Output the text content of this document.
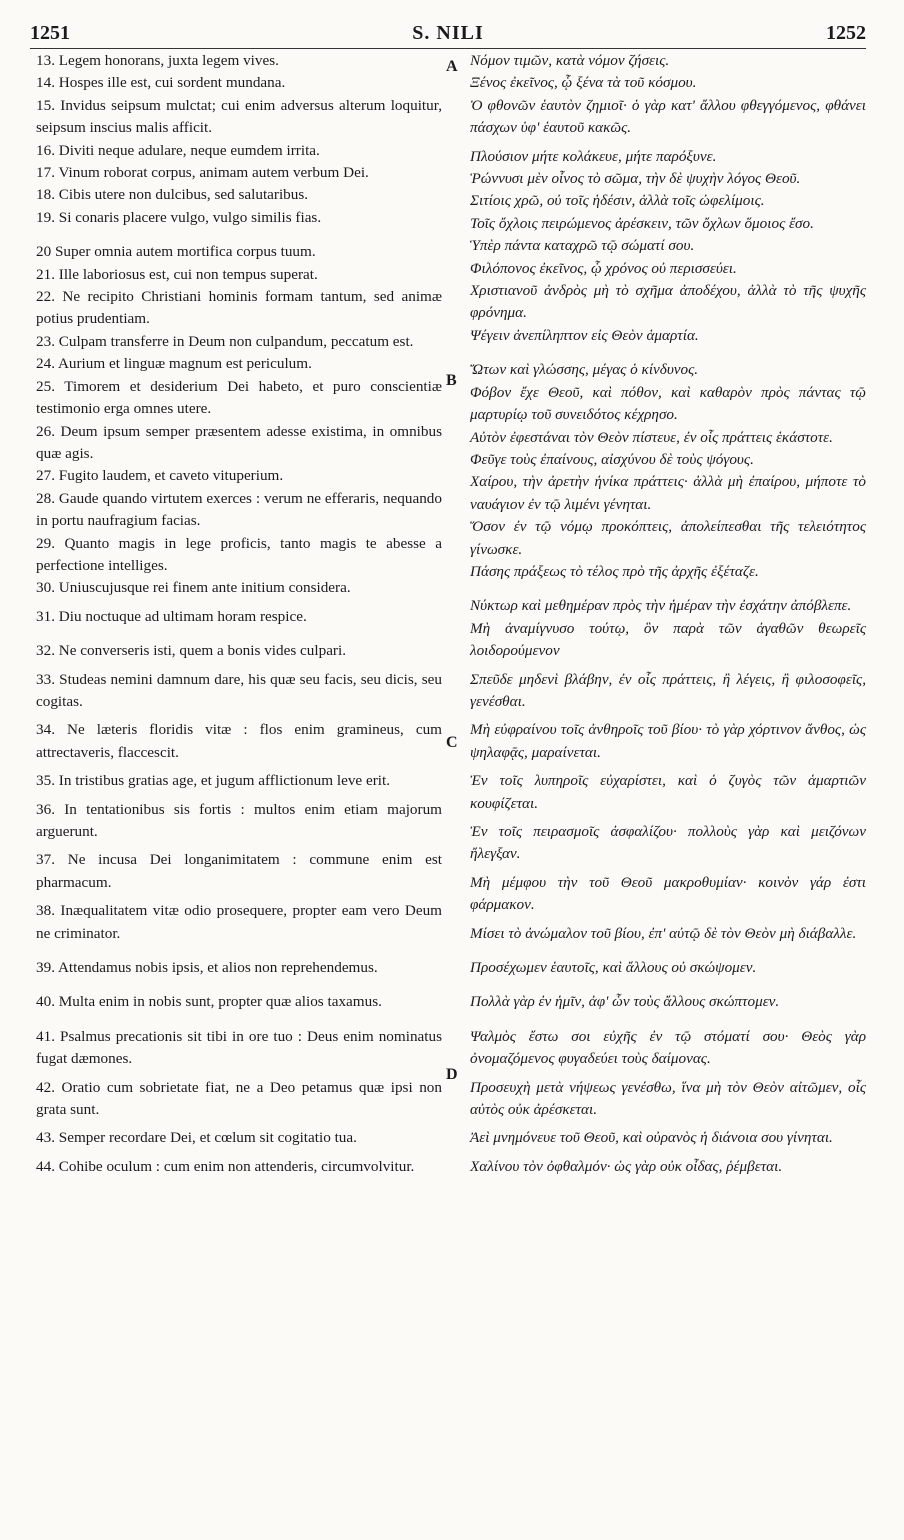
1251	S. NILI	1252
A
B
C
D
13. Legem honorans, juxta legem vives.
14. Hospes ille est, cui sordent mundana.
15. Invidus seipsum mulctat; cui enim adversus alterum loquitur, seipsum inscius malis afficit.
16. Diviti neque adulare, neque eumdem irrita.
17. Vinum roborat corpus, animam autem verbum Dei.
18. Cibis utere non dulcibus, sed salutaribus.
19. Si conaris placere vulgo, vulgo similis fias.
20 Super omnia autem mortifica corpus tuum.
21. Ille laboriosus est, cui non tempus superat.
22. Ne recipito Christiani hominis formam tantum, sed animæ potius prudentiam.
23. Culpam transferre in Deum non culpandum, peccatum est.
24. Aurium et linguæ magnum est periculum.
25. Timorem et desiderium Dei habeto, et puro conscientiæ testimonio erga omnes utere.
26. Deum ipsum semper præsentem adesse existima, in omnibus quæ agis.
27. Fugito laudem, et caveto vituperium.
28. Gaude quando virtutem exerces : verum ne efferaris, nequando in portu naufragium facias.
29. Quanto magis in lege proficis, tanto magis te abesse a perfectione intelliges.
30. Uniuscujusque rei finem ante initium considera.
31. Diu noctuque ad ultimam horam respice.
32. Ne converseris isti, quem a bonis vides culpari.
33. Studeas nemini damnum dare, his quæ seu facis, seu dicis, seu cogitas.
34. Ne læteris floridis vitæ : flos enim gramineus, cum attrectaveris, flaccescit.
35. In tristibus gratias age, et jugum afflictionum leve erit.
36. In tentationibus sis fortis : multos enim etiam majorum arguerunt.
37. Ne incusa Dei longanimitatem : commune enim est pharmacum.
38. Inæqualitatem vitæ odio prosequere, propter eam vero Deum ne criminator.
39. Attendamus nobis ipsis, et alios non reprehendemus.
40. Multa enim in nobis sunt, propter quæ alios taxamus.
41. Psalmus precationis sit tibi in ore tuo : Deus enim nominatus fugat dæmones.
42. Oratio cum sobrietate fiat, ne a Deo petamus quæ ipsi non grata sunt.
43. Semper recordare Dei, et cœlum sit cogitatio tua.
44. Cohibe oculum : cum enim non attenderis, circumvolvitur.
Νόμον τιμῶν, κατὰ νόμον ζήσεις.
Ξένος ἐκεῖνος, ᾧ ξένα τὰ τοῦ κόσμου.
Ὁ φθονῶν ἑαυτὸν ζημιοῖ· ὁ γὰρ κατ' ἄλλου φθεγγόμενος, φθάνει πάσχων ὑφ' ἑαυτοῦ κακῶς.
Πλούσιον μήτε κολάκευε, μήτε παρόξυνε.
Ῥώννυσι μὲν οἶνος τὸ σῶμα, τὴν δὲ ψυχὴν λόγος Θεοῦ.
Σιτίοις χρῶ, οὐ τοῖς ἡδέσιν, ἀλλὰ τοῖς ὠφελίμοις.
Τοῖς ὄχλοις πειρώμενος ἀρέσκειν, τῶν ὄχλων ὅμοιος ἔσο.
Ὑπὲρ πάντα καταχρῶ τῷ σώματί σου.
Φιλόπονος ἐκεῖνος, ᾧ χρόνος οὐ περισσεύει.
Χριστιανοῦ ἀνδρὸς μὴ τὸ σχῆμα ἀποδέχου, ἀλλὰ τὸ τῆς ψυχῆς φρόνημα.
Ψέγειν ἀνεπίληπτον εἰς Θεὸν ἁμαρτία.
Ὤτων καὶ γλώσσης, μέγας ὁ κίνδυνος.
Φόβον ἔχε Θεοῦ, καὶ πόθον, καὶ καθαρὸν πρὸς πάντας τῷ μαρτυρίῳ τοῦ συνειδότος κέχρησο.
Αὐτὸν ἐφεστάναι τὸν Θεὸν πίστευε, ἐν οἷς πράττεις ἑκάστοτε.
Φεῦγε τοὺς ἐπαίνους, αἰσχύνου δὲ τοὺς ψόγους.
Χαίρου, τὴν ἀρετὴν ἡνίκα πράττεις· ἀλλὰ μὴ ἐπαίρου, μήποτε τὸ ναυάγιον ἐν τῷ λιμένι γένηται.
Ὅσον ἐν τῷ νόμῳ προκόπτεις, ἀπολείπεσθαι τῆς τελειότητος γίνωσκε.
Πάσης πράξεως τὸ τέλος πρὸ τῆς ἀρχῆς ἐξέταζε.
Νύκτωρ καὶ μεθημέραν πρὸς τὴν ἡμέραν τὴν ἐσχάτην ἀπόβλεπε.
Μὴ ἀναμίγνυσο τούτῳ, ὃν παρὰ τῶν ἀγαθῶν θεωρεῖς λοιδορούμενον
Σπεῦδε μηδενὶ βλάβην, ἐν οἷς πράττεις, ἢ λέγεις, ἢ φιλοσοφεῖς, γενέσθαι.
Μὴ εὐφραίνου τοῖς ἀνθηροῖς τοῦ βίου· τὸ γὰρ χόρτινον ἄνθος, ὡς ψηλαφᾷς, μαραίνεται.
Ἐν τοῖς λυπηροῖς εὐχαρίστει, καὶ ὁ ζυγὸς τῶν ἁμαρτιῶν κουφίζεται.
Ἐν τοῖς πειρασμοῖς ἀσφαλίζου· πολλοὺς γὰρ καὶ μειζόνων ἤλεγξαν.
Μὴ μέμφου τὴν τοῦ Θεοῦ μακροθυμίαν· κοινὸν γάρ ἐστι φάρμακον.
Μίσει τὸ ἀνώμαλον τοῦ βίου, ἐπ' αὐτῷ δὲ τὸν Θεὸν μὴ διάβαλλε.
Προσέχωμεν ἑαυτοῖς, καὶ ἄλλους οὐ σκώψομεν.
Πολλὰ γὰρ ἐν ἡμῖν, ἀφ' ὧν τοὺς ἄλλους σκώπτομεν.
Ψαλμὸς ἔστω σοι εὐχῆς ἐν τῷ στόματί σου· Θεὸς γὰρ ὀνομαζόμενος φυγαδεύει τοὺς δαίμονας.
Προσευχὴ μετὰ νήψεως γενέσθω, ἵνα μὴ τὸν Θεὸν αἰτῶμεν, οἷς αὐτὸς οὐκ ἀρέσκεται.
Ἀεὶ μνημόνευε τοῦ Θεοῦ, καὶ οὐρανὸς ἡ διάνοια σου γίνηται.
Χαλίνου τὸν ὀφθαλμόν· ὡς γὰρ οὐκ οἶδας, ῥέμβεται.
